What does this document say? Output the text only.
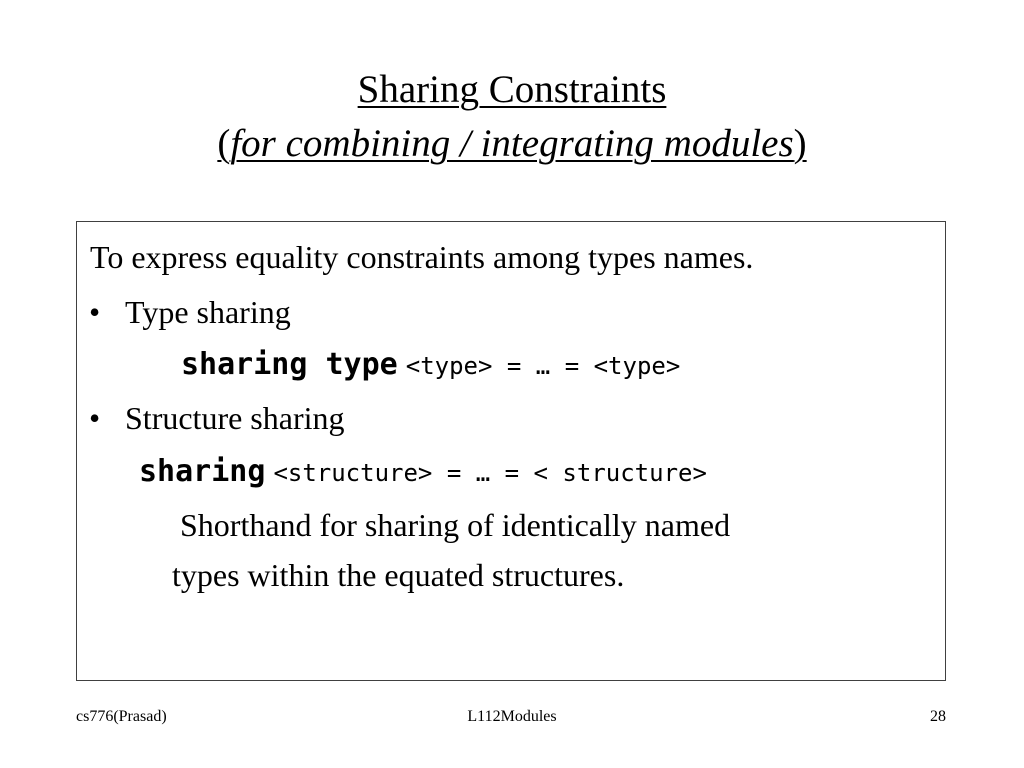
Sharing Constraints
(for combining / integrating modules)
To express equality constraints among types names.
• Type sharing
sharing type <type> = … = <type>
• Structure sharing
sharing <structure> = … = < structure>
Shorthand for sharing of identically named
types within the equated structures.
cs776(Prasad)	L112Modules	28
